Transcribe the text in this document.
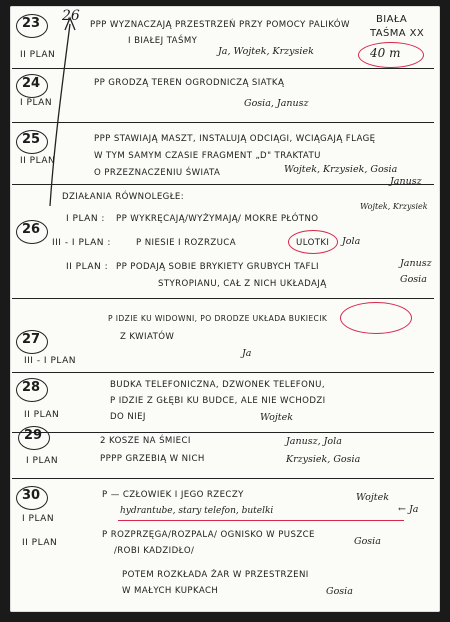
23 26
II PLAN
PPP WYZNACZAJĄ PRZESTRZEŃ PRZY POMOCY PALIKÓW
I BIAŁEJ TAŚMY
Ja, Wojtek, Krzysiek
BIAŁA
TAŚMA XX
40 m
24
I PLAN
PP GRODZĄ TEREN OGRODNICZĄ SIATKĄ
Gosia, Janusz
25
II PLAN
PPP STAWIAJĄ MASZT, INSTALUJĄ ODCIĄGI, WCIĄGAJĄ FLAGĘ
W TYM SAMYM CZASIE FRAGMENT „D" TRAKTATU
O PRZEZNACZENIU ŚWIATA	Wojtek, Krzysiek, Gosia
Janusz
26
DZIAŁANIA RÓWNOLEGŁE:
I PLAN : PP WYKRĘCAJĄ/WYŻYMAJĄ/ MOKRE PŁÓTNO
Wojtek, Krzysiek
III - I PLAN :	P NIESIE I ROZRZUCA	ULOTKI Jola
II PLAN : PP PODAJĄ SOBIE BRYKIETY GRUBYCH TAFLI
STYROPIANU, CAŁ Z NICH UKŁADAJĄ
Janusz
Gosia
27
III - I PLAN
P IDZIE KU WIDOWNI, PO DRODZE UKŁADA BUKIECIK
Z KWIATÓW
Ja
28
II PLAN
BUDKA TELEFONICZNA, DZWONEK TELEFONU,
P IDZIE Z GŁĘBI KU BUDCE, ALE NIE WCHODZI
DO NIEJ	Wojtek
29
I PLAN
2 KOSZE NA ŚMIECI
PPPP GRZEBIĄ W NICH
Janusz, Jola
Krzysiek, Gosia
30
I PLAN
P — CZŁOWIEK I JEGO RZECZY	Wojtek
hydrantube, stary telefon, butelki	← Ja
II PLAN
P ROZPRZĘGA/ROZPALA/ OGNISKO W PUSZCE
Gosia
/ROBI KADZIDŁO/
POTEM ROZKŁADA ŻAR W PRZESTRZENI
W MAŁYCH KUPKACH	Gosia
